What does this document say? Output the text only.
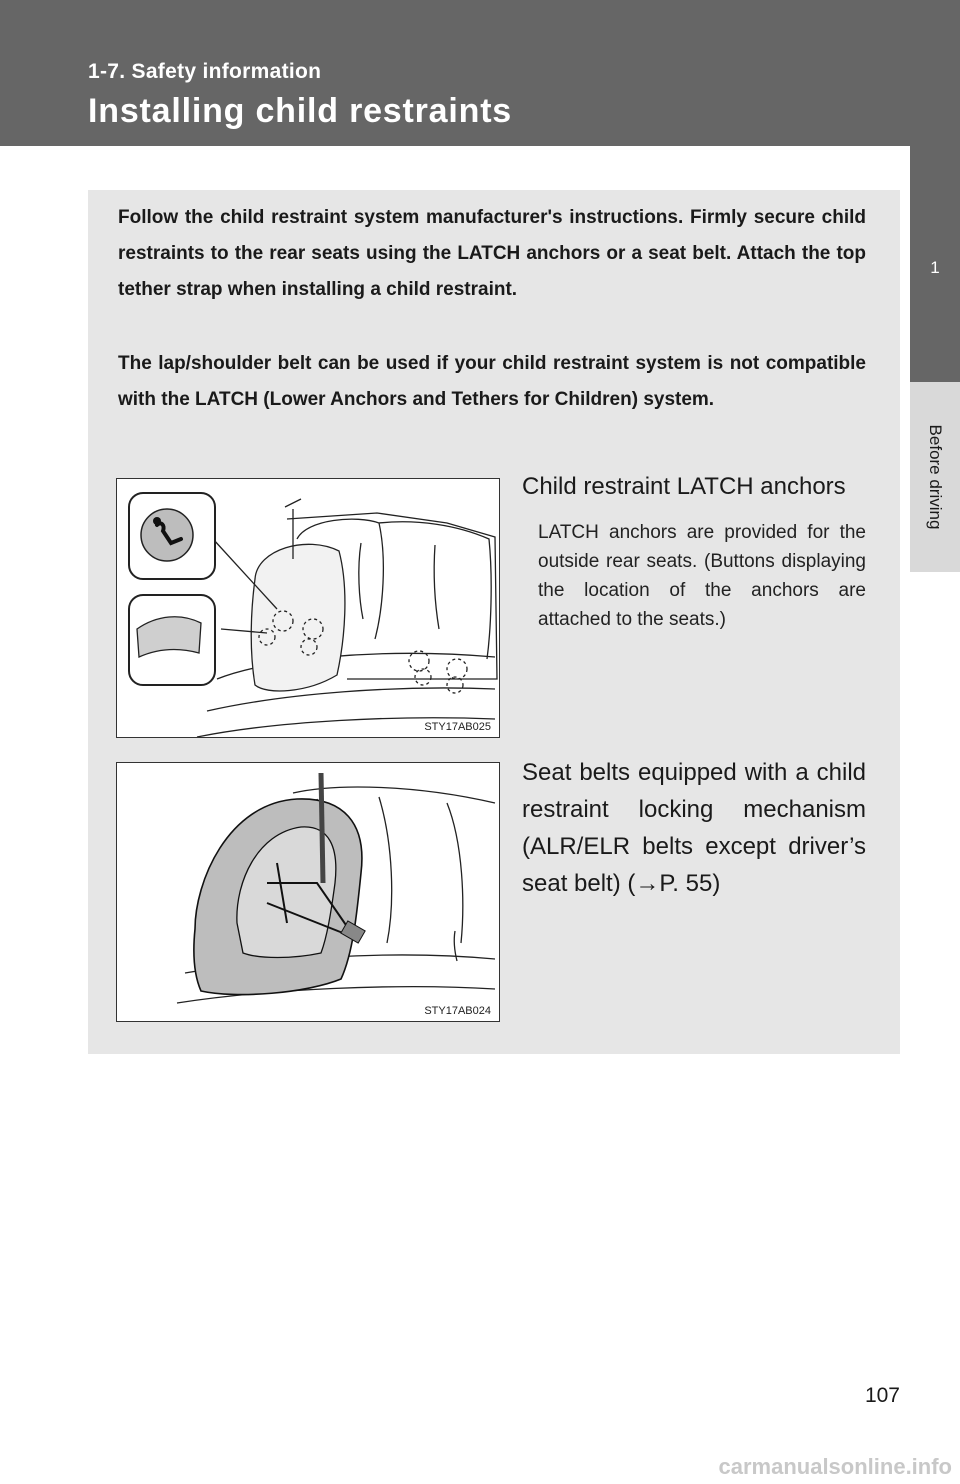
1-7. Safety information
Installing child restraints
1
Before driving

Follow the child restraint system manufacturer's instructions. Firmly secure child restraints to the rear seats using the LATCH anchors or a seat belt. Attach the top tether strap when installing a child restraint.

The lap/shoulder belt can be used if your child restraint system is not compatible with the LATCH (Lower Anchors and Tethers for Children) system.

STY17AB025
Child restraint LATCH anchors
LATCH anchors are provided for the outside rear seats. (Buttons displaying the location of the anchors are attached to the seats.)
STY17AB024
Seat belts equipped with a child restraint locking mechanism (ALR/ELR belts except driver’s seat belt) (→P. 55)
107
carmanualsonline.info
